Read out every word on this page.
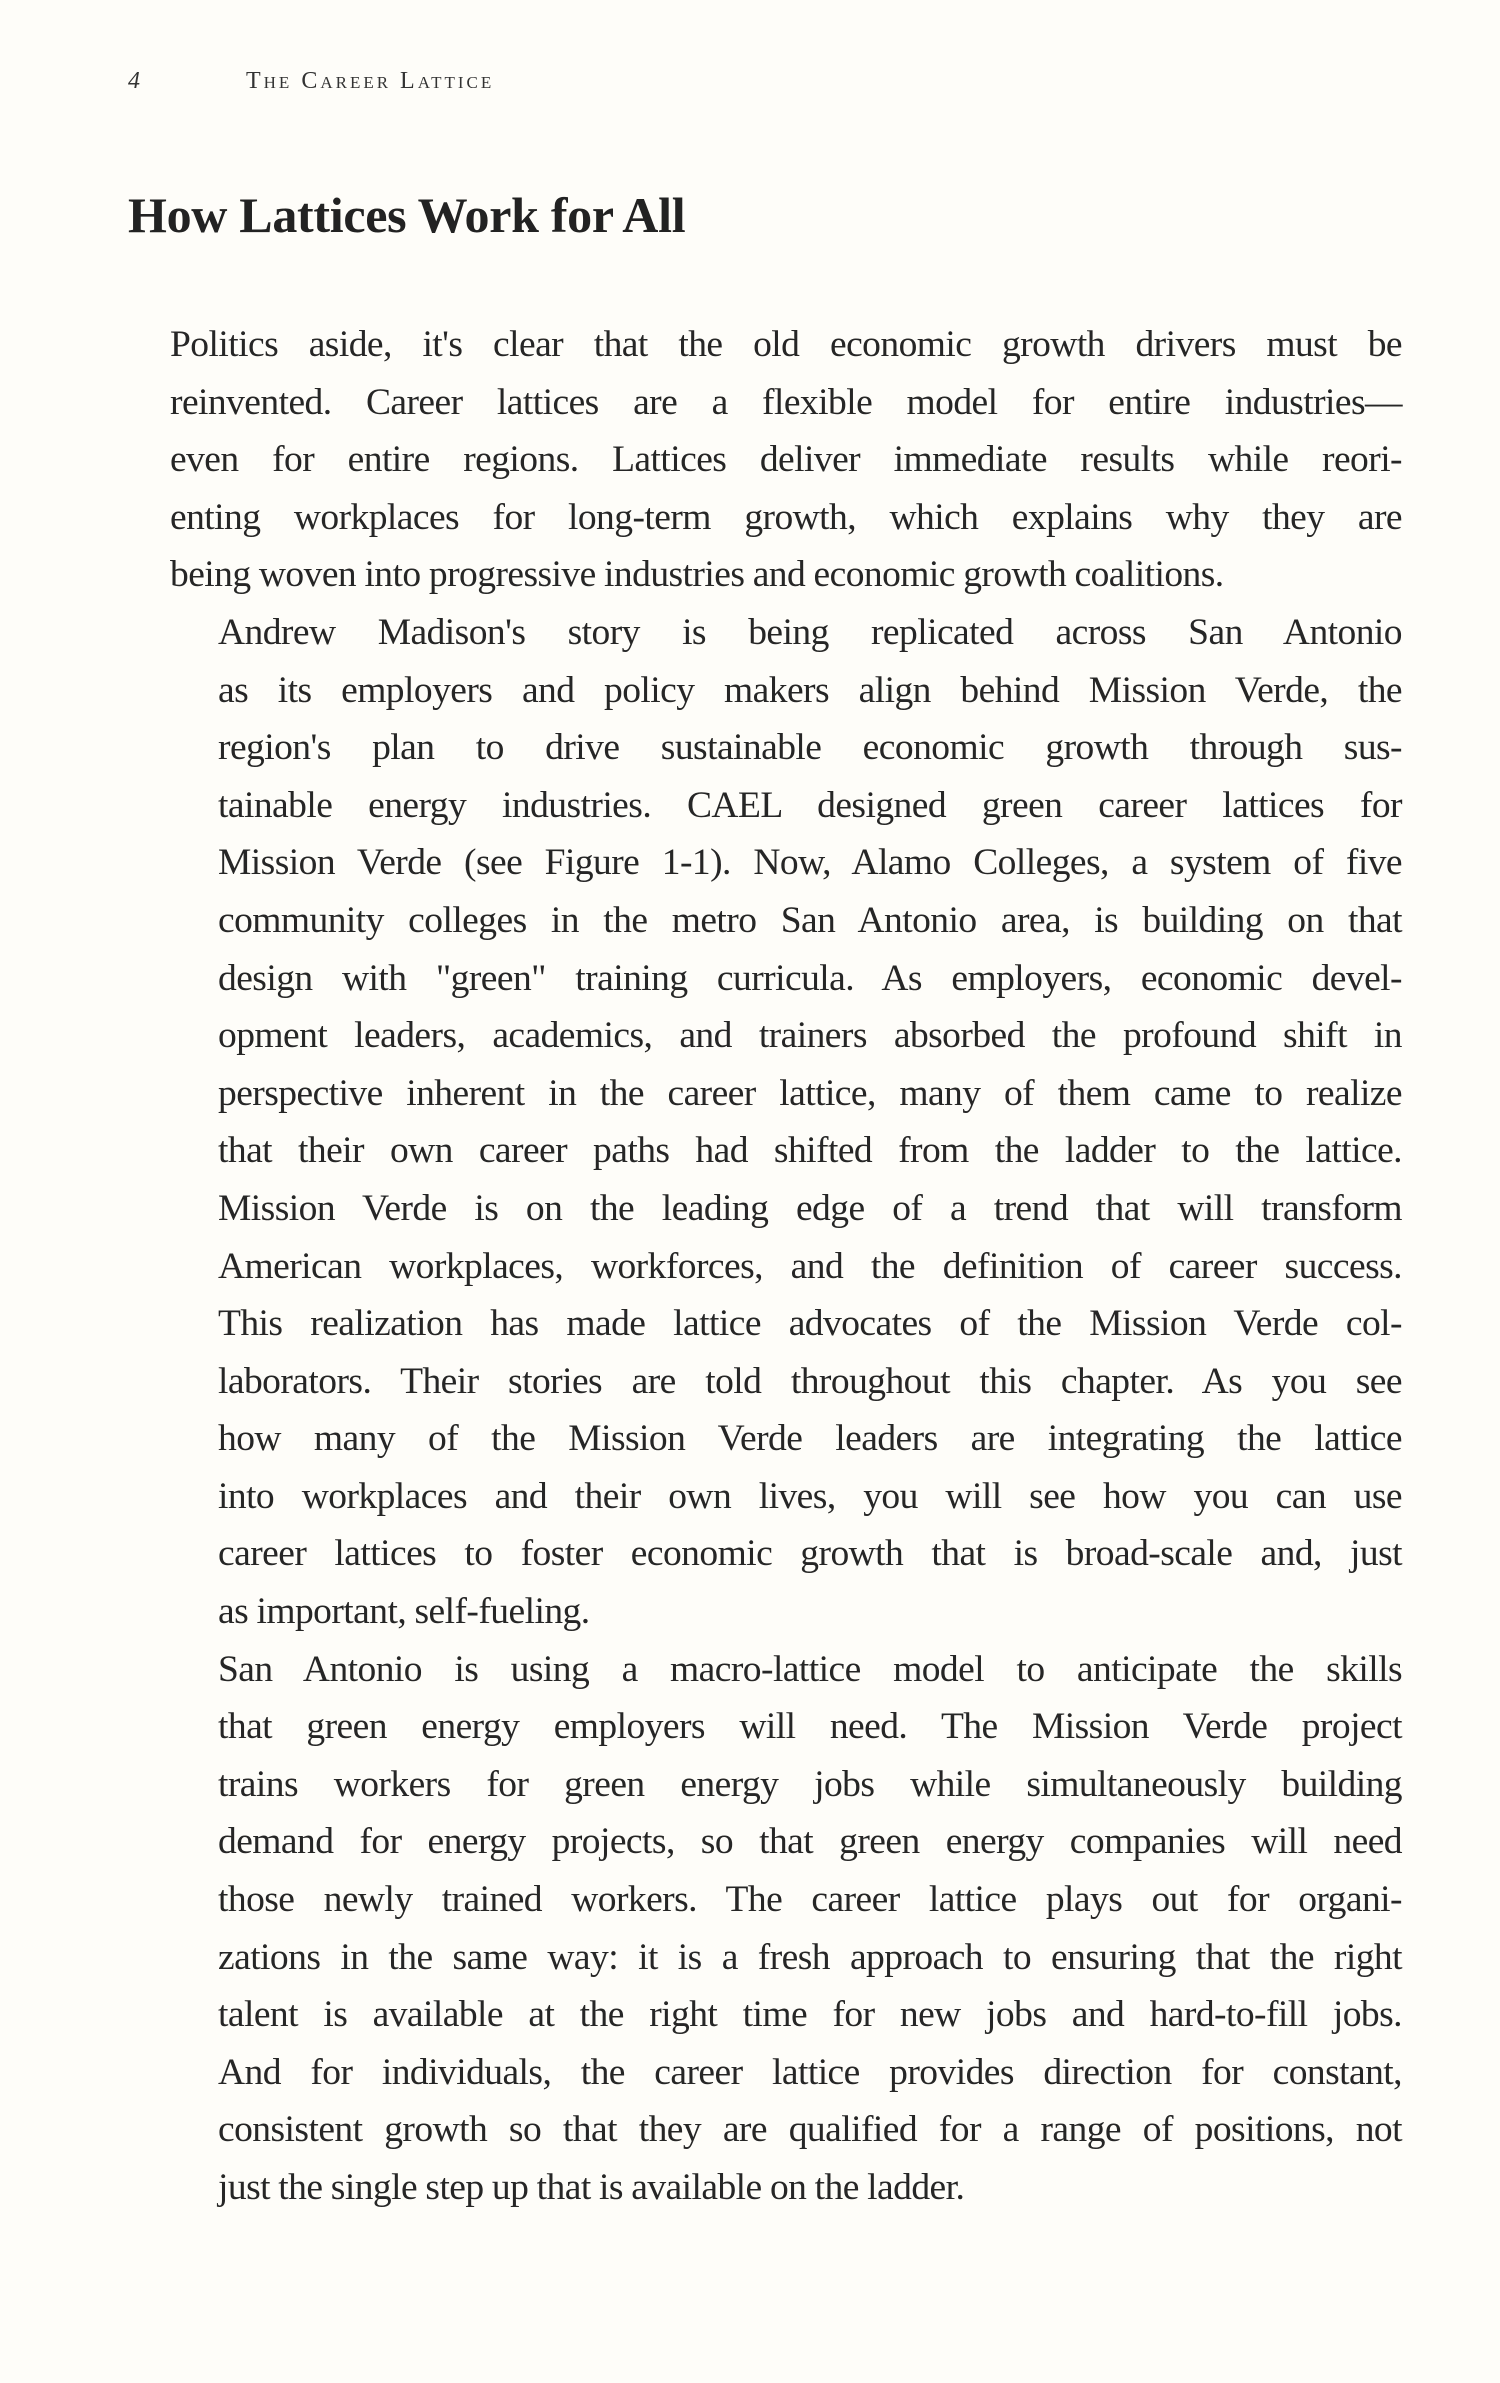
4	The Career Lattice
How Lattices Work for All

Politics aside, it's clear that the old economic growth drivers must be
reinvented. Career lattices are a flexible model for entire industries—
even for entire regions. Lattices deliver immediate results while reori-
enting workplaces for long-term growth, which explains why they are
being woven into progressive industries and economic growth coalitions.

Andrew Madison's story is being replicated across San Antonio
as its employers and policy makers align behind Mission Verde, the
region's plan to drive sustainable economic growth through sus-
tainable energy industries. CAEL designed green career lattices for
Mission Verde (see Figure 1-1). Now, Alamo Colleges, a system of five
community colleges in the metro San Antonio area, is building on that
design with "green" training curricula. As employers, economic devel-
opment leaders, academics, and trainers absorbed the profound shift in
perspective inherent in the career lattice, many of them came to realize
that their own career paths had shifted from the ladder to the lattice.
Mission Verde is on the leading edge of a trend that will transform
American workplaces, workforces, and the definition of career success.
This realization has made lattice advocates of the Mission Verde col-
laborators. Their stories are told throughout this chapter. As you see
how many of the Mission Verde leaders are integrating the lattice
into workplaces and their own lives, you will see how you can use
career lattices to foster economic growth that is broad-scale and, just
as important, self-fueling.

San Antonio is using a macro-lattice model to anticipate the skills
that green energy employers will need. The Mission Verde project
trains workers for green energy jobs while simultaneously building
demand for energy projects, so that green energy companies will need
those newly trained workers. The career lattice plays out for organi-
zations in the same way: it is a fresh approach to ensuring that the right
talent is available at the right time for new jobs and hard-to-fill jobs.
And for individuals, the career lattice provides direction for constant,
consistent growth so that they are qualified for a range of positions, not
just the single step up that is available on the ladder.
